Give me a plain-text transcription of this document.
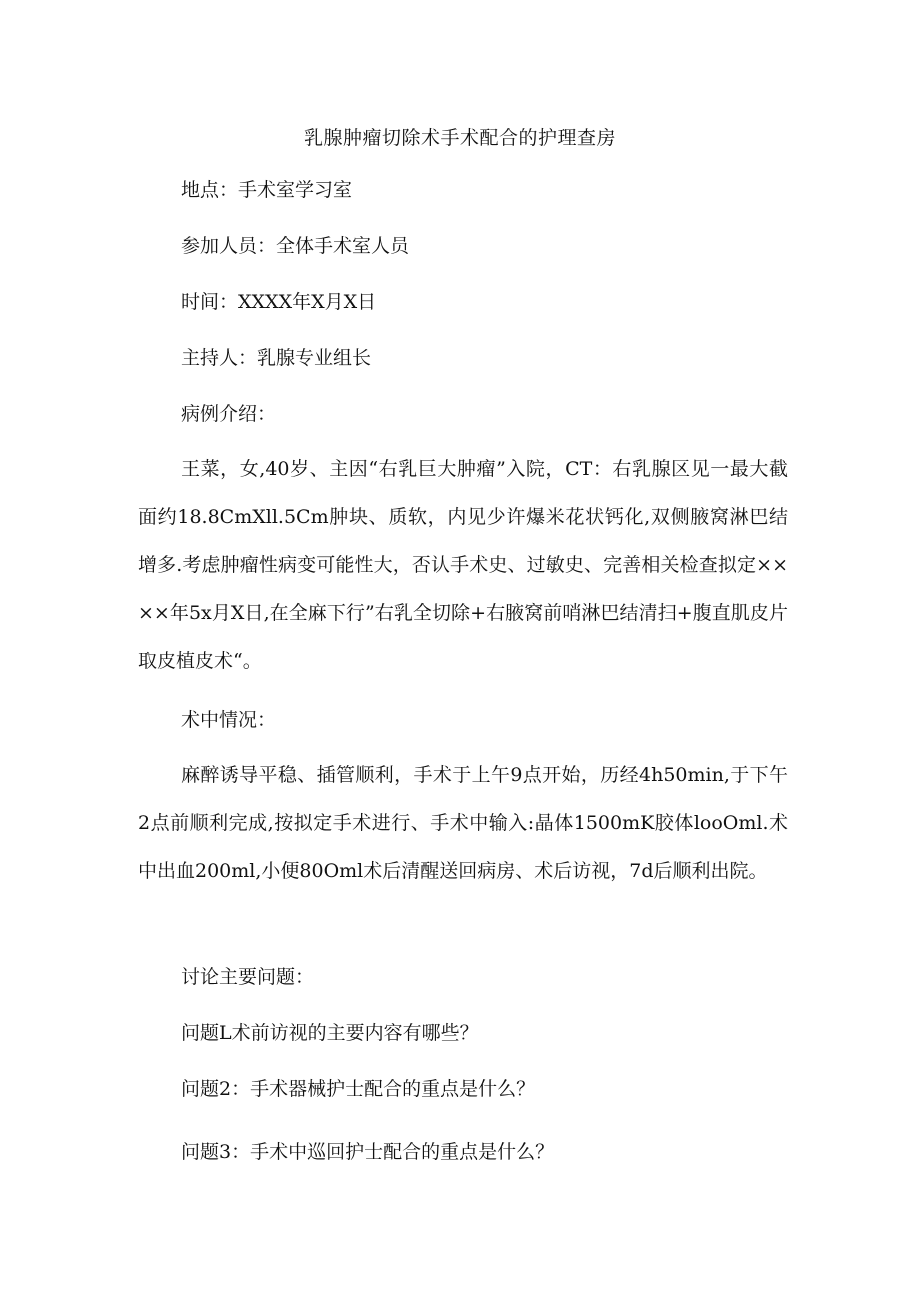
乳腺肿瘤切除术手术配合的护理查房
地点：手术室学习室
参加人员：全体手术室人员
时间：XXXX年X月X日
主持人：乳腺专业组长
病例介绍：
王菜，女,40岁、主因“右乳巨大肿瘤”入院，CT：右乳腺区见一最大截面约18.8CmXll.5Cm肿块、质软，内见少许爆米花状钙化,双侧腋窝淋巴结增多.考虑肿瘤性病变可能性大，否认手术史、过敏史、完善相关检查拟定××××年5x月X日,在全麻下行”右乳全切除+右腋窝前哨淋巴结清扫+腹直肌皮片取皮植皮术“。
术中情况：
麻醉诱导平稳、插管顺利，手术于上午9点开始，历经4h50min,于下午2点前顺利完成,按拟定手术进行、手术中输入:晶体1500mK胶体looOml.术中出血200ml,小便80Oml术后清醒送回病房、术后访视，7d后顺利出院。
讨论主要问题：
问题L术前访视的主要内容有哪些？
问题2：手术器械护士配合的重点是什么？
问题3：手术中巡回护士配合的重点是什么？
